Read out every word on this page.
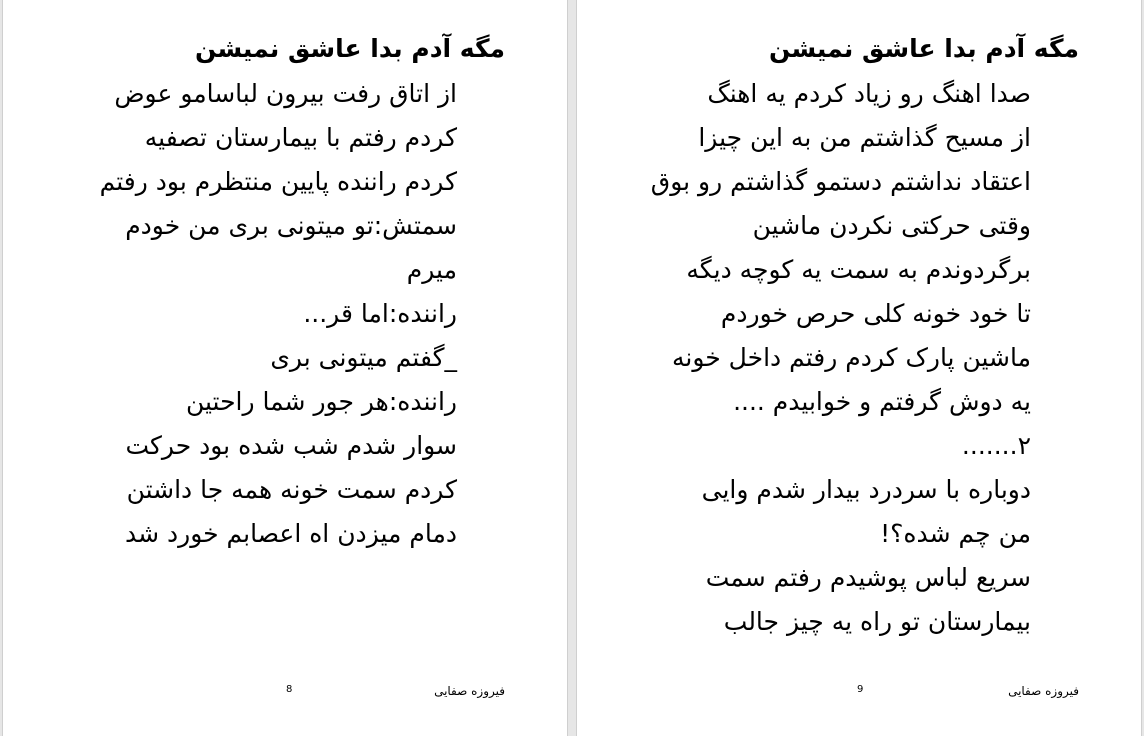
مگه آدم بدا عاشق نمیشن
از اتاق رفت بیرون لباسامو عوض
کردم رفتم با بیمارستان تصفیه
کردم راننده پایین منتظرم بود رفتم
سمتش:تو میتونی بری من خودم
میرم
راننده:اما قر...
_گفتم میتونی بری
راننده:هر جور شما راحتین
سوار شدم شب شده بود حرکت
کردم سمت خونه همه جا داشتن
دمام میزدن اه اعصابم خورد شد
8	فیروزه صفایی
مگه آدم بدا عاشق نمیشن
صدا اهنگ رو زیاد کردم یه اهنگ
از مسیح گذاشتم من به این چیزا
اعتقاد نداشتم دستمو گذاشتم رو بوق
وقتی حرکتی نکردن ماشین
برگردوندم به سمت یه کوچه دیگه
تا خود خونه کلی حرص خوردم
ماشین پارک کردم رفتم داخل خونه
یه دوش گرفتم و خوابیدم ....
۲.......
دوباره با سردرد بیدار شدم وایی
من چم شده؟!
سریع لباس پوشیدم رفتم سمت
بیمارستان تو راه یه چیز جالب
9	فیروزه صفایی
